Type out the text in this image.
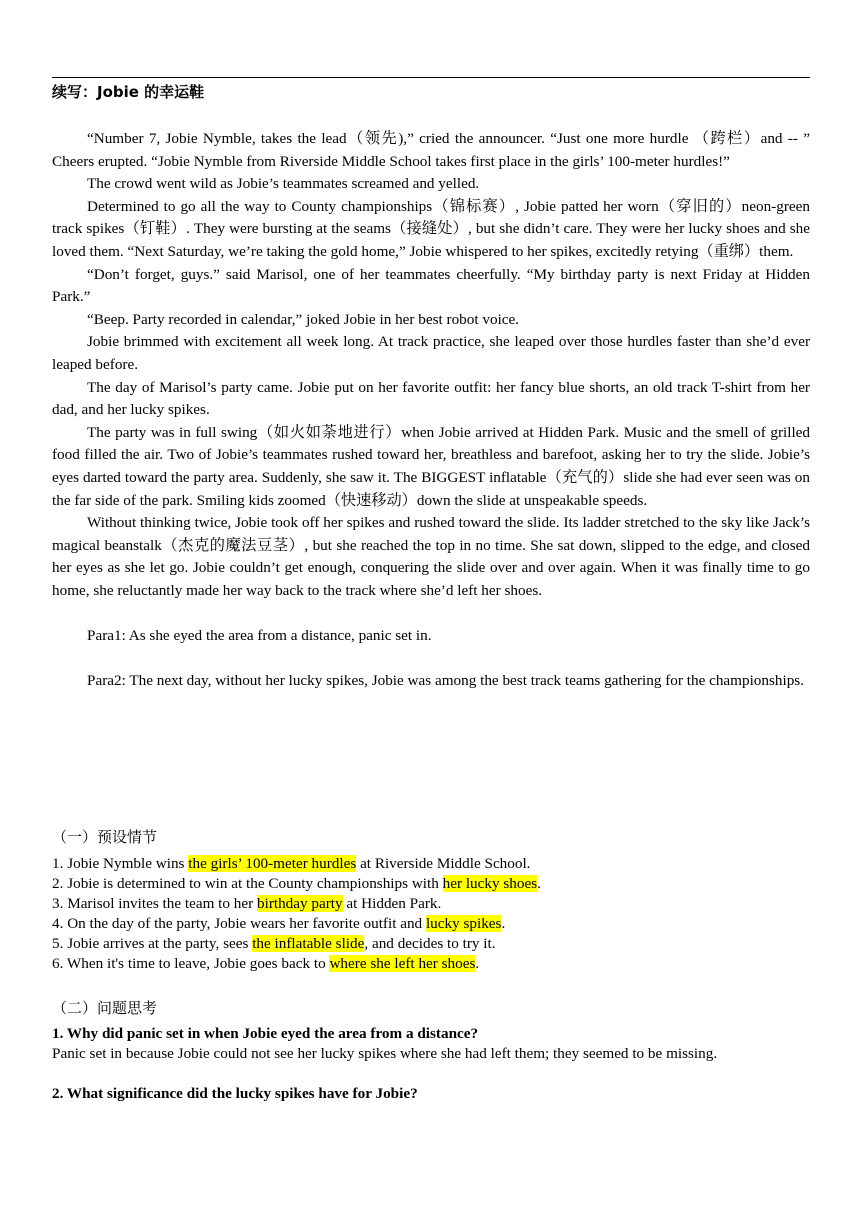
续写：Jobie 的幸运鞋

“Number 7, Jobie Nymble, takes the lead（领先),” cried the announcer. “Just one more hurdle （跨栏）and -- ” Cheers erupted. “Jobie Nymble from Riverside Middle School takes first place in the girls’ 100-meter hurdles!”

The crowd went wild as Jobie’s teammates screamed and yelled.

Determined to go all the way to County championships（锦标赛）, Jobie patted her worn（穿旧的）neon-green track spikes（钉鞋）. They were bursting at the seams（接缝处）, but she didn’t care. They were her lucky shoes and she loved them. “Next Saturday, we’re taking the gold home,” Jobie whispered to her spikes, excitedly retying（重绑）them.

“Don’t forget, guys.” said Marisol, one of her teammates cheerfully. “My birthday party is next Friday at Hidden Park.”

“Beep. Party recorded in calendar,” joked Jobie in her best robot voice.

Jobie brimmed with excitement all week long. At track practice, she leaped over those hurdles faster than she’d ever leaped before.

The day of Marisol’s party came. Jobie put on her favorite outfit: her fancy blue shorts, an old track T-shirt from her dad, and her lucky spikes.

The party was in full swing（如火如荼地进行）when Jobie arrived at Hidden Park. Music and the smell of grilled food filled the air. Two of Jobie’s teammates rushed toward her, breathless and barefoot, asking her to try the slide. Jobie’s eyes darted toward the party area. Suddenly, she saw it. The BIGGEST inflatable（充气的）slide she had ever seen was on the far side of the park. Smiling kids zoomed（快速移动）down the slide at unspeakable speeds.

Without thinking twice, Jobie took off her spikes and rushed toward the slide. Its ladder stretched to the sky like Jack’s magical beanstalk（杰克的魔法豆茎）, but she reached the top in no time. She sat down, slipped to the edge, and closed her eyes as she let go. Jobie couldn’t get enough, conquering the slide over and over again. When it was finally time to go home, she reluctantly made her way back to the track where she’d left her shoes.

Para1: As she eyed the area from a distance, panic set in.

Para2: The next day, without her lucky spikes, Jobie was among the best track teams gathering for the championships.

（一）预设情节
1. Jobie Nymble wins the girls’ 100-meter hurdles at Riverside Middle School.
2. Jobie is determined to win at the County championships with her lucky shoes.
3. Marisol invites the team to her birthday party at Hidden Park.
4. On the day of the party, Jobie wears her favorite outfit and lucky spikes.
5. Jobie arrives at the party, sees the inflatable slide, and decides to try it.
6. When it's time to leave, Jobie goes back to where she left her shoes.
（二）问题思考
1. Why did panic set in when Jobie eyed the area from a distance?
Panic set in because Jobie could not see her lucky spikes where she had left them; they seemed to be missing.
2. What significance did the lucky spikes have for Jobie?
